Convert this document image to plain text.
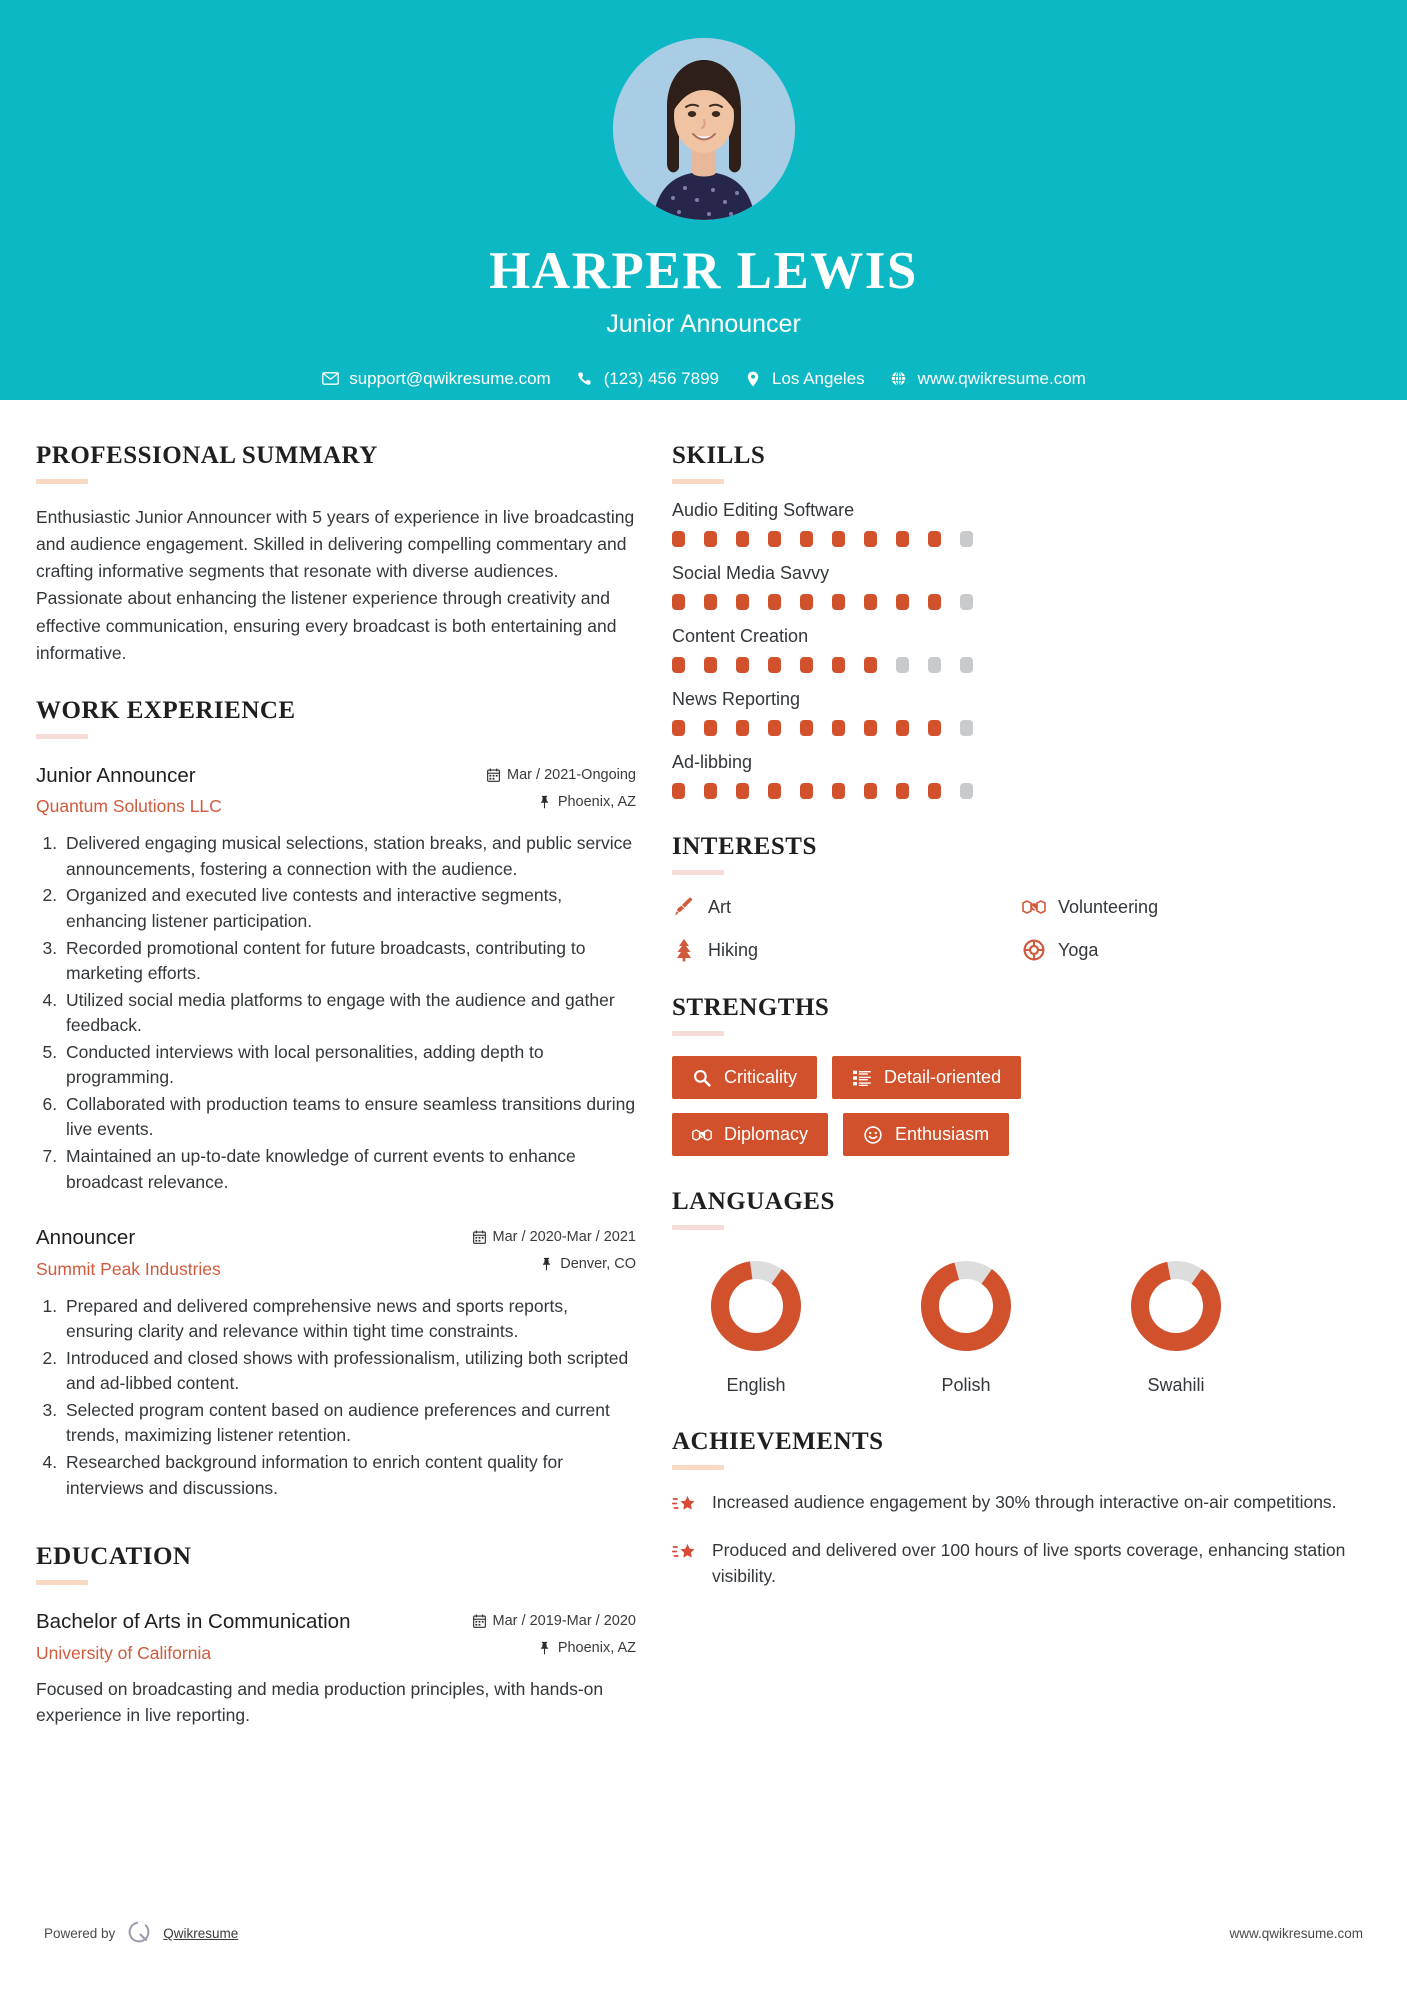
HARPER LEWIS
Junior Announcer
support@qwikresume.com	(123) 456 7899	Los Angeles	www.qwikresume.com
PROFESSIONAL SUMMARY
Enthusiastic Junior Announcer with 5 years of experience in live broadcasting and audience engagement. Skilled in delivering compelling commentary and crafting informative segments that resonate with diverse audiences. Passionate about enhancing the listener experience through creativity and effective communication, ensuring every broadcast is both entertaining and informative.
WORK EXPERIENCE
Junior Announcer
Quantum Solutions LLC
Mar / 2021-Ongoing
Phoenix, AZ
1. Delivered engaging musical selections, station breaks, and public service announcements, fostering a connection with the audience.
2. Organized and executed live contests and interactive segments, enhancing listener participation.
3. Recorded promotional content for future broadcasts, contributing to marketing efforts.
4. Utilized social media platforms to engage with the audience and gather feedback.
5. Conducted interviews with local personalities, adding depth to programming.
6. Collaborated with production teams to ensure seamless transitions during live events.
7. Maintained an up-to-date knowledge of current events to enhance broadcast relevance.
Announcer
Summit Peak Industries
Mar / 2020-Mar / 2021
Denver, CO
1. Prepared and delivered comprehensive news and sports reports, ensuring clarity and relevance within tight time constraints.
2. Introduced and closed shows with professionalism, utilizing both scripted and ad-libbed content.
3. Selected program content based on audience preferences and current trends, maximizing listener retention.
4. Researched background information to enrich content quality for interviews and discussions.
EDUCATION
Bachelor of Arts in Communication
University of California
Mar / 2019-Mar / 2020
Phoenix, AZ
Focused on broadcasting and media production principles, with hands-on experience in live reporting.
SKILLS
Audio Editing Software
Social Media Savvy
Content Creation
News Reporting
Ad-libbing
INTERESTS
Art	Volunteering
Hiking	Yoga
STRENGTHS
Criticality	Detail-oriented
Diplomacy	Enthusiasm
LANGUAGES
English	Polish	Swahili
ACHIEVEMENTS
Increased audience engagement by 30% through interactive on-air competitions.
Produced and delivered over 100 hours of live sports coverage, enhancing station visibility.
Powered by	Qwikresume	www.qwikresume.com
